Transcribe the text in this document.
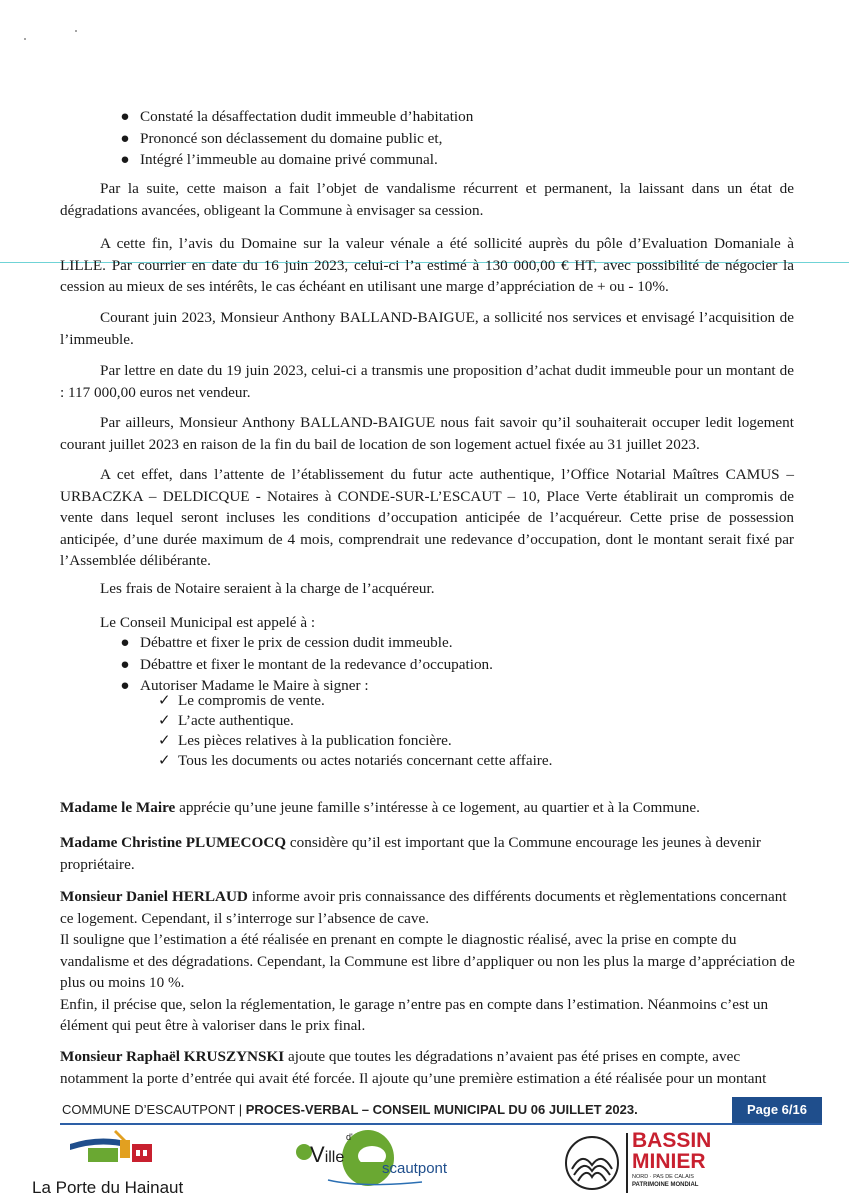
● Constaté la désaffectation dudit immeuble d’habitation
● Prononcé son déclassement du domaine public et,
● Intégré l’immeuble au domaine privé communal.

Par la suite, cette maison a fait l’objet de vandalisme récurrent et permanent, la laissant dans un état de dégradations avancées, obligeant la Commune à envisager sa cession.

A cette fin, l’avis du Domaine sur la valeur vénale a été sollicité auprès du pôle d’Evaluation Domaniale à LILLE. Par courrier en date du 16 juin 2023, celui-ci l’a estimé à 130 000,00 € HT, avec possibilité de négocier la cession au mieux de ses intérêts, le cas échéant en utilisant une marge d’appréciation de + ou - 10%.

Courant juin 2023, Monsieur Anthony BALLAND-BAIGUE, a sollicité nos services et envisagé l’acquisition de l’immeuble.

Par lettre en date du 19 juin 2023, celui-ci a transmis une proposition d’achat dudit immeuble pour un montant de : 117 000,00 euros net vendeur.

Par ailleurs, Monsieur Anthony BALLAND-BAIGUE nous fait savoir qu’il souhaiterait occuper ledit logement courant juillet 2023 en raison de la fin du bail de location de son logement actuel fixée au 31 juillet 2023.

A cet effet, dans l’attente de l’établissement du futur acte authentique, l’Office Notarial Maîtres CAMUS – URBACZKA – DELDICQUE - Notaires à CONDE-SUR-L’ESCAUT – 10, Place Verte établirait un compromis de vente dans lequel seront incluses les conditions d’occupation anticipée de l’acquéreur. Cette prise de possession anticipée, d’une durée maximum de 4 mois, comprendrait une redevance d’occupation, dont le montant serait fixé par l’Assemblée délibérante.

Les frais de Notaire seraient à la charge de l’acquéreur.

Le Conseil Municipal est appelé à :

● Débattre et fixer le prix de cession dudit immeuble.
● Débattre et fixer le montant de la redevance d’occupation.
● Autoriser Madame le Maire à signer :
✓ Le compromis de vente.
✓ L’acte authentique.
✓ Les pièces relatives à la publication foncière.
✓ Tous les documents ou actes notariés concernant cette affaire.

Madame le Maire apprécie qu’une jeune famille s’intéresse à ce logement, au quartier et à la Commune.

Madame Christine PLUMECOCQ considère qu’il est important que la Commune encourage les jeunes à devenir propriétaire.

Monsieur Daniel HERLAUD informe avoir pris connaissance des différents documents et règlementations concernant ce logement. Cependant, il s’interroge sur l’absence de cave.

Il souligne que l’estimation a été réalisée en prenant en compte le diagnostic réalisé, avec la prise en compte du vandalisme et des dégradations. Cependant, la Commune est libre d’appliquer ou non les plus la marge d’appréciation de plus ou moins 10 %.

Enfin, il précise que, selon la réglementation, le garage n’entre pas en compte dans l’estimation. Néanmoins c’est un élément qui peut être à valoriser dans le prix final.

Monsieur Raphaël KRUSZYNSKI ajoute que toutes les dégradations n’avaient pas été prises en compte, avec notamment la porte d’entrée qui avait été forcée. Il ajoute qu’une première estimation a été réalisée pour un montant

COMMUNE D’ESCAUTPONT | PROCES-VERBAL – CONSEIL MUNICIPAL DU 06 JUILLET 2023.	Page 6/16
La Porte du Hainaut
Ville
d'
scautpont
BASSIN
MINIER
NORD · PAS DE CALAIS
PATRIMOINE MONDIAL
